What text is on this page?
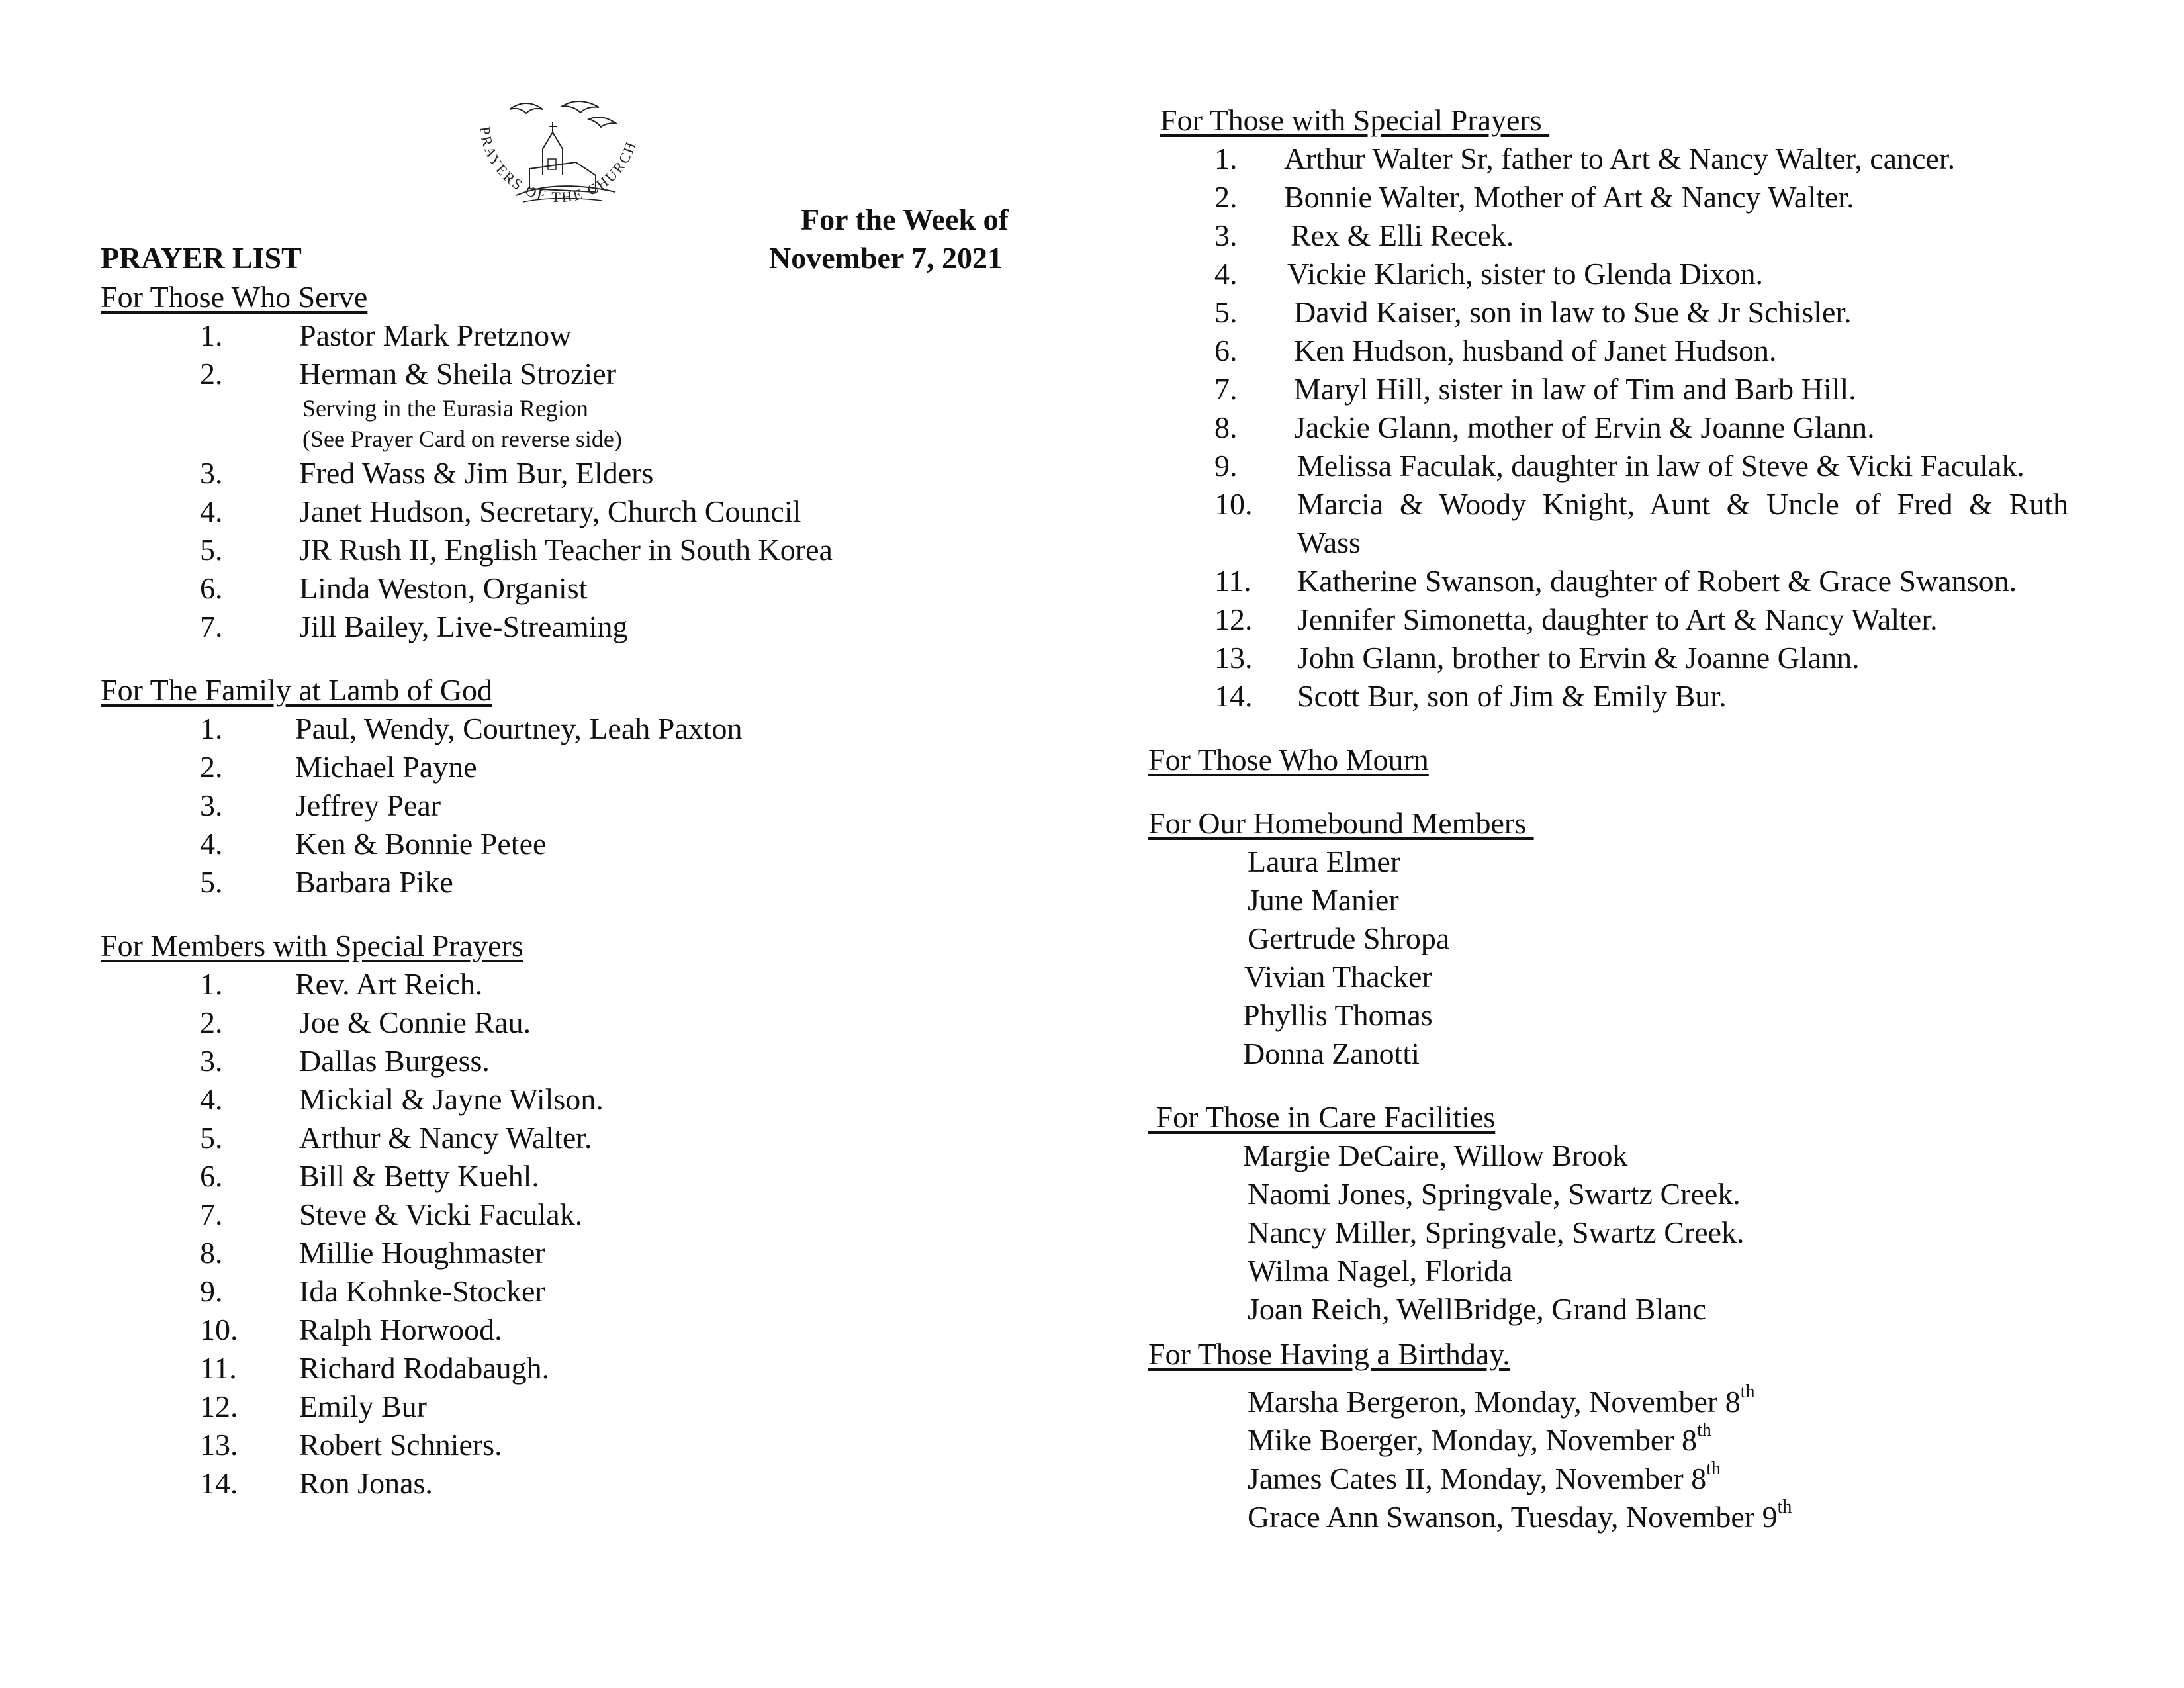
PRAYERS OF THE CHURCH
PRAYER LIST
For the Week of
November 7, 2021
For Those Who Serve
1.	Pastor Mark Pretznow
2.	Herman & Sheila Strozier
Serving in the Eurasia Region
(See Prayer Card on reverse side)
3.	Fred Wass & Jim Bur, Elders
4.	Janet Hudson, Secretary, Church Council
5.	JR Rush II, English Teacher in South Korea
6.	Linda Weston, Organist
7.	Jill Bailey, Live-Streaming
For The Family at Lamb of God
1. Paul, Wendy, Courtney, Leah Paxton
2. Michael Payne
3. Jeffrey Pear
4. Ken & Bonnie Petee
5. Barbara Pike
For Members with Special Prayers
1. Rev. Art Reich.
2.	Joe & Connie Rau.
3.	Dallas Burgess.
4.	Mickial & Jayne Wilson.
5.	Arthur & Nancy Walter.
6.	Bill & Betty Kuehl.
7.	Steve & Vicki Faculak.
8.	Millie Houghmaster
9.	Ida Kohnke-Stocker
10. Ralph Horwood.
11. Richard Rodabaugh.
12. Emily Bur
13. Robert Schniers.
14. Ron Jonas.
For Those with Special Prayers
1. Arthur Walter Sr, father to Art & Nancy Walter, cancer.
2. Bonnie Walter, Mother of Art & Nancy Walter.
3. Rex & Elli Recek.
4. Vickie Klarich, sister to Glenda Dixon.
5. David Kaiser, son in law to Sue & Jr Schisler.
6. Ken Hudson, husband of Janet Hudson.
7. Maryl Hill, sister in law of Tim and Barb Hill.
8. Jackie Glann, mother of Ervin & Joanne Glann.
9. Melissa Faculak, daughter in law of Steve & Vicki Faculak.
10. Marcia & Woody Knight, Aunt & Uncle of Fred & Ruth
Wass
11. Katherine Swanson, daughter of Robert & Grace Swanson.
12. Jennifer Simonetta, daughter to Art & Nancy Walter.
13. John Glann, brother to Ervin & Joanne Glann.
14. Scott Bur, son of Jim & Emily Bur.
For Those Who Mourn
For Our Homebound Members
Laura Elmer
June Manier
Gertrude Shropa
Vivian Thacker
Phyllis Thomas
Donna Zanotti
For Those in Care Facilities
Margie DeCaire, Willow Brook
Naomi Jones, Springvale, Swartz Creek.
Nancy Miller, Springvale, Swartz Creek.
Wilma Nagel, Florida
Joan Reich, WellBridge, Grand Blanc
For Those Having a Birthday.
Marsha Bergeron, Monday, November 8th
Mike Boerger, Monday, November 8th
James Cates II, Monday, November 8th
Grace Ann Swanson, Tuesday, November 9th
